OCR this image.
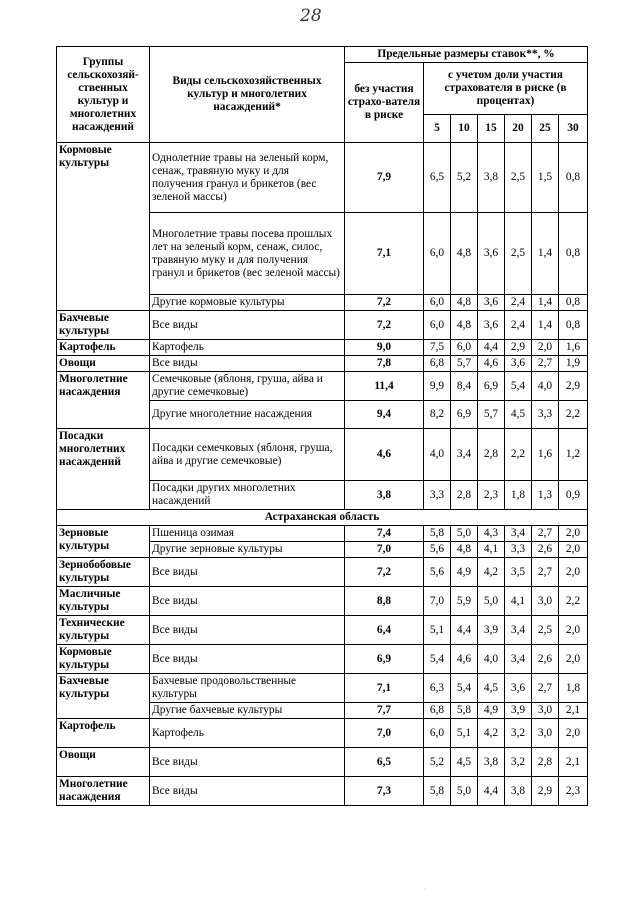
28
Группы сельскохозяй-ственных культур и многолетних насаждений	Виды сельскохозяйственных культур и многолетних насаждений*	Предельные размеры ставок**, %						
		без участия страхо-вателя в риске	с учетом доли участия страхователя в риске (в процентах)					
			5	10	15	20	25	30
Кормовые культуры	Однолетние травы на зеленый корм, сенаж, травяную муку и для получения гранул и брикетов (вес зеленой массы)	7,9	6,5	5,2	3,8	2,5	1,5	0,8
	Многолетние травы посева прошлых лет на зеленый корм, сенаж, силос, травяную муку и для получения гранул и брикетов (вес зеленой массы)	7,1	6,0	4,8	3,6	2,5	1,4	0,8
	Другие кормовые культуры	7,2	6,0	4,8	3,6	2,4	1,4	0,8
Бахчевые культуры	Все виды	7,2	6,0	4,8	3,6	2,4	1,4	0,8
Картофель	Картофель	9,0	7,5	6,0	4,4	2,9	2,0	1,6
Овощи	Все виды	7,8	6,8	5,7	4,6	3,6	2,7	1,9
Многолетние насаждения	Семечковые (яблоня, груша, айва и другие семечковые)	11,4	9,9	8,4	6,9	5,4	4,0	2,9
	Другие многолетние насаждения	9,4	8,2	6,9	5,7	4,5	3,3	2,2
Посадки многолетних насаждений	Посадки семечковых (яблоня, груша, айва и другие семечковые)	4,6	4,0	3,4	2,8	2,2	1,6	1,2
	Посадки других многолетних насаждений	3,8	3,3	2,8	2,3	1,8	1,3	0,9
Астраханская область								
Зерновые культуры	Пшеница озимая	7,4	5,8	5,0	4,3	3,4	2,7	2,0
	Другие зерновые культуры	7,0	5,6	4,8	4,1	3,3	2,6	2,0
Зернобобовые культуры	Все виды	7,2	5,6	4,9	4,2	3,5	2,7	2,0
Масличные культуры	Все виды	8,8	7,0	5,9	5,0	4,1	3,0	2,2
Технические культуры	Все виды	6,4	5,1	4,4	3,9	3,4	2,5	2,0
Кормовые культуры	Все виды	6,9	5,4	4,6	4,0	3,4	2,6	2,0
Бахчевые культуры	Бахчевые продовольственные культуры	7,1	6,3	5,4	4,5	3,6	2,7	1,8
	Другие бахчевые культуры	7,7	6,8	5,8	4,9	3,9	3,0	2,1
Картофель	Картофель	7,0	6,0	5,1	4,2	3,2	3,0	2,0
Овощи	Все виды	6,5	5,2	4,5	3,8	3,2	2,8	2,1
Многолетние насаждения	Все виды	7,3	5,8	5,0	4,4	3,8	2,9	2,3
⸒
